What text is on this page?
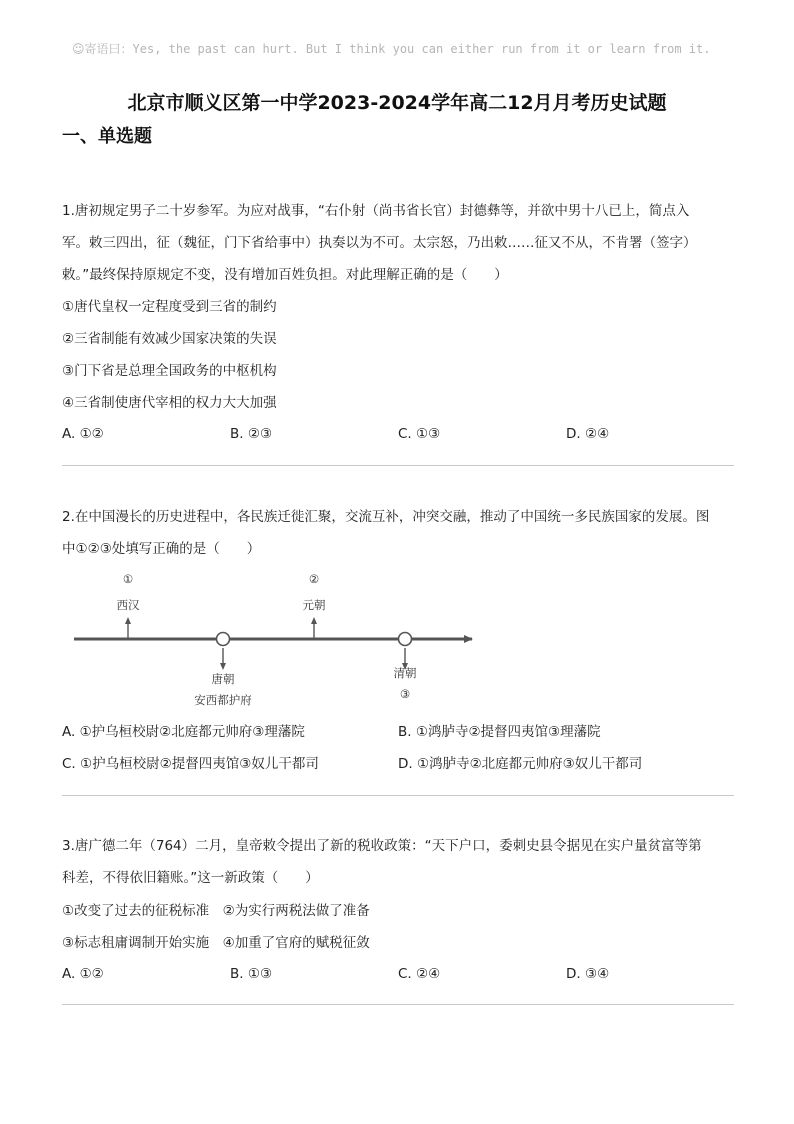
☺寄语曰：Yes, the past can hurt. But I think you can either run from it or learn from it.
北京市顺义区第一中学2023-2024学年高二12月月考历史试题
一、单选题
1.唐初规定男子二十岁参军。为应对战事，“右仆射（尚书省长官）封德彝等，并欲中男十八已上，简点入
军。敕三四出，征（魏征，门下省给事中）执奏以为不可。太宗怒，乃出敕……征又不从，不肯署（签字）
敕。”最终保持原规定不变，没有增加百姓负担。对此理解正确的是（　　）
①唐代皇权一定程度受到三省的制约
②三省制能有效减少国家决策的失误
③门下省是总理全国政务的中枢机构
④三省制使唐代宰相的权力大大加强
A. ①②	B. ②③	C. ①③	D. ②④
2.在中国漫长的历史进程中，各民族迁徙汇聚，交流互补，冲突交融，推动了中国统一多民族国家的发展。图
中①②③处填写正确的是（　　）
①
西汉
唐朝
安西都护府
②
元朝
清朝
③
A. ①护乌桓校尉②北庭都元帅府③理藩院	B. ①鸿胪寺②提督四夷馆③理藩院
C. ①护乌桓校尉②提督四夷馆③奴儿干都司	D. ①鸿胪寺②北庭都元帅府③奴儿干都司
3.唐广德二年（764）二月，皇帝敕令提出了新的税收政策：“天下户口，委刺史县令据见在实户量贫富等第
科差，不得依旧籍账。”这一新政策（　　）
①改变了过去的征税标准　②为实行两税法做了准备
③标志租庸调制开始实施　④加重了官府的赋税征敛
A. ①②	B. ①③	C. ②④	D. ③④
